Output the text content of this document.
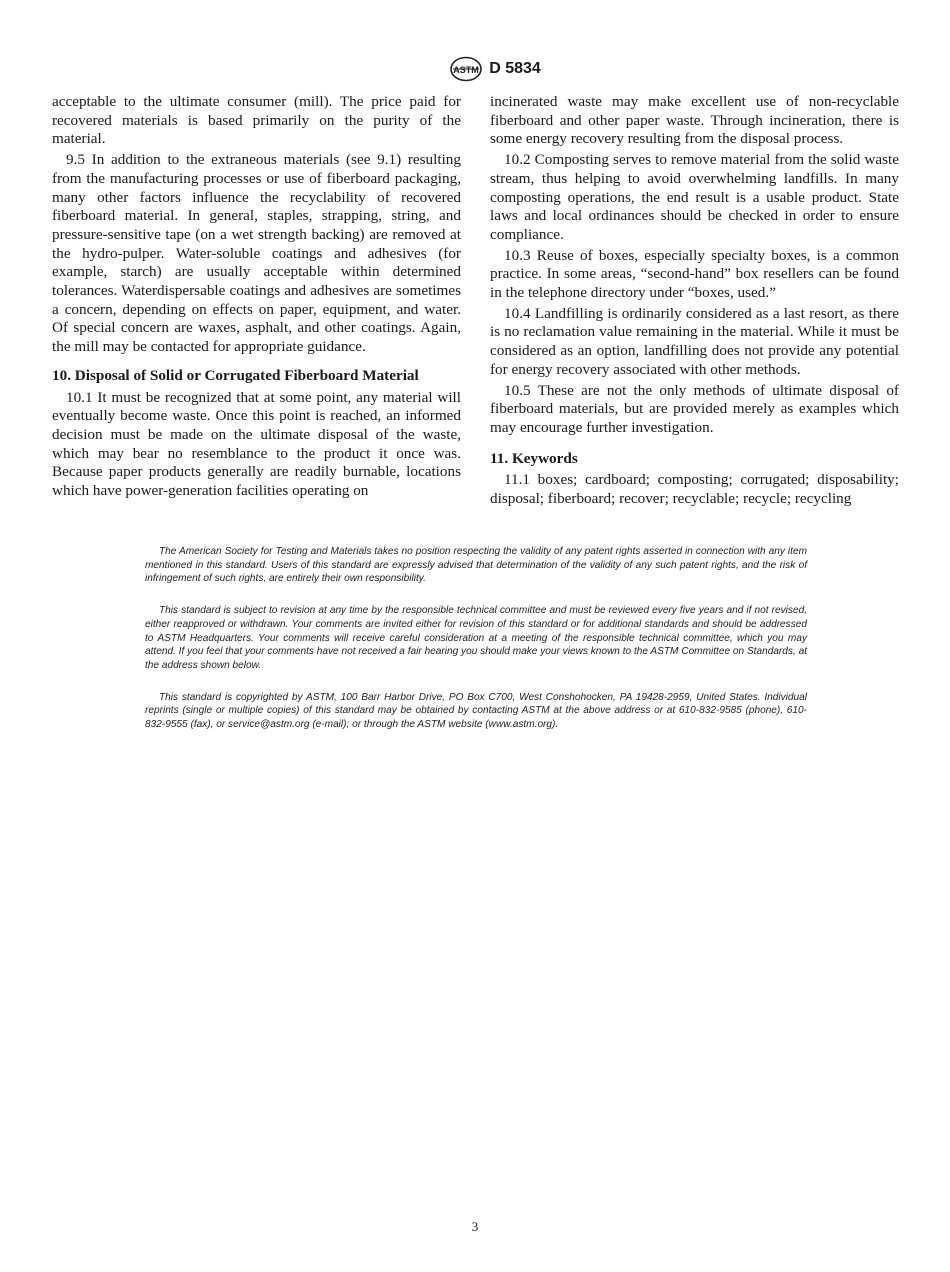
ASTM D 5834

acceptable to the ultimate consumer (mill). The price paid for recovered materials is based primarily on the purity of the material.

9.5 In addition to the extraneous materials (see 9.1) resulting from the manufacturing processes or use of fiberboard packaging, many other factors influence the recyclability of recovered fiberboard material. In general, staples, strapping, string, and pressure-sensitive tape (on a wet strength backing) are removed at the hydro-pulper. Water-soluble coatings and adhesives (for example, starch) are usually acceptable within determined tolerances. Waterdispersable coatings and adhesives are sometimes a concern, depending on effects on paper, equipment, and water. Of special concern are waxes, asphalt, and other coatings. Again, the mill may be contacted for appropriate guidance.

10. Disposal of Solid or Corrugated Fiberboard Material

10.1 It must be recognized that at some point, any material will eventually become waste. Once this point is reached, an informed decision must be made on the ultimate disposal of the waste, which may bear no resemblance to the product it once was. Because paper products generally are readily burnable, locations which have power-generation facilities operating on

incinerated waste may make excellent use of non-recyclable fiberboard and other paper waste. Through incineration, there is some energy recovery resulting from the disposal process.

10.2 Composting serves to remove material from the solid waste stream, thus helping to avoid overwhelming landfills. In many composting operations, the end result is a usable product. State laws and local ordinances should be checked in order to ensure compliance.

10.3 Reuse of boxes, especially specialty boxes, is a common practice. In some areas, “second-hand” box resellers can be found in the telephone directory under “boxes, used.”

10.4 Landfilling is ordinarily considered as a last resort, as there is no reclamation value remaining in the material. While it must be considered as an option, landfilling does not provide any potential for energy recovery associated with other methods.

10.5 These are not the only methods of ultimate disposal of fiberboard materials, but are provided merely as examples which may encourage further investigation.

11. Keywords

11.1 boxes; cardboard; composting; corrugated; disposability; disposal; fiberboard; recover; recyclable; recycle; recycling

The American Society for Testing and Materials takes no position respecting the validity of any patent rights asserted in connection with any item mentioned in this standard. Users of this standard are expressly advised that determination of the validity of any such patent rights, and the risk of infringement of such rights, are entirely their own responsibility.

This standard is subject to revision at any time by the responsible technical committee and must be reviewed every five years and if not revised, either reapproved or withdrawn. Your comments are invited either for revision of this standard or for additional standards and should be addressed to ASTM Headquarters. Your comments will receive careful consideration at a meeting of the responsible technical committee, which you may attend. If you feel that your comments have not received a fair hearing you should make your views known to the ASTM Committee on Standards, at the address shown below.

This standard is copyrighted by ASTM, 100 Barr Harbor Drive, PO Box C700, West Conshohocken, PA 19428-2959, United States. Individual reprints (single or multiple copies) of this standard may be obtained by contacting ASTM at the above address or at 610-832-9585 (phone), 610-832-9555 (fax), or service@astm.org (e-mail); or through the ASTM website (www.astm.org).

3
